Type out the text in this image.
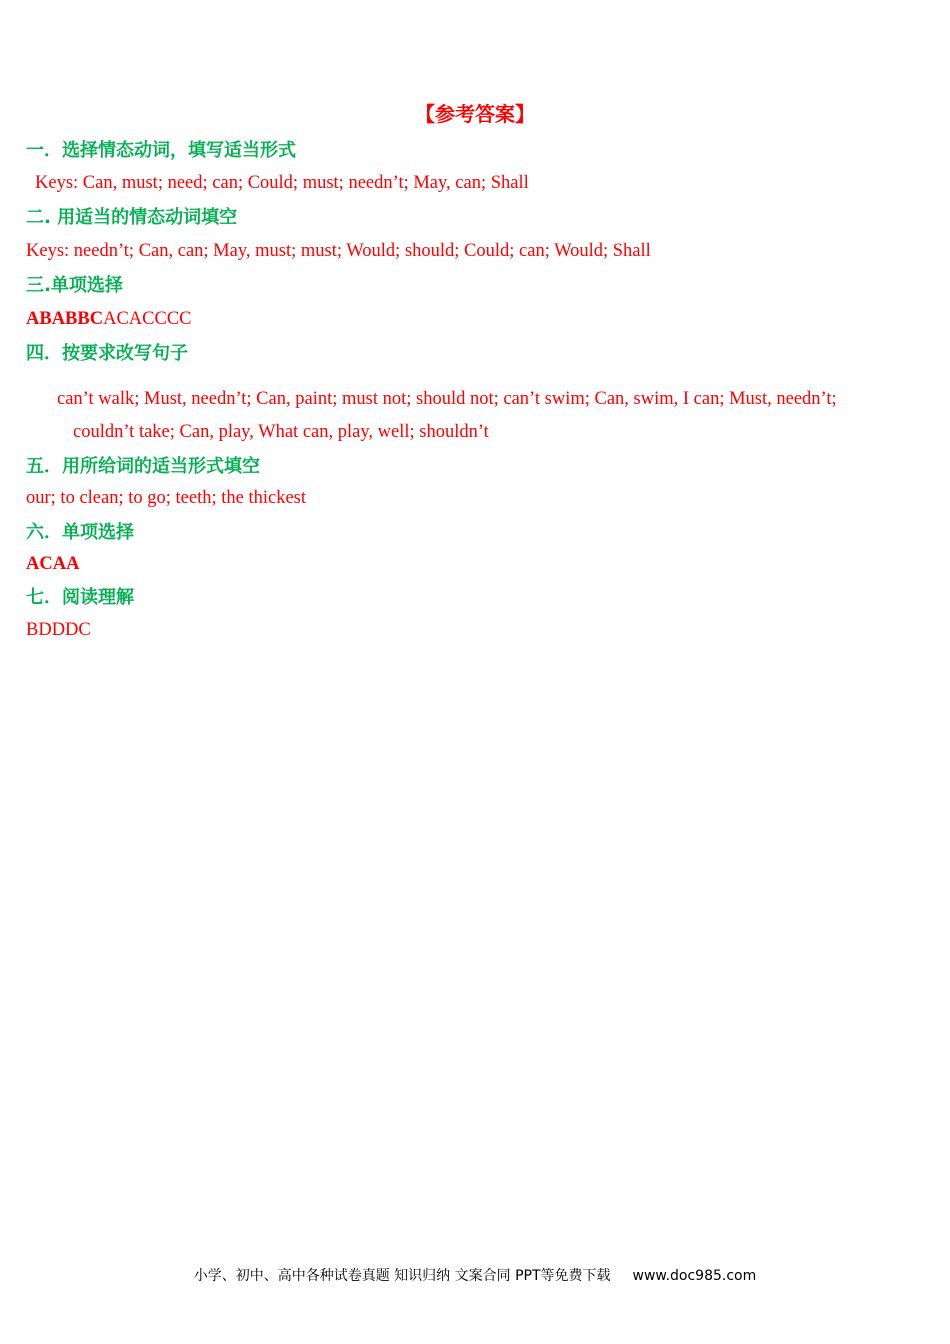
【参考答案】
一．选择情态动词，填写适当形式
Keys: Can, must; need; can; Could; must; needn’t; May, can; Shall
二. 用适当的情态动词填空
Keys: needn’t; Can, can; May, must; must; Would; should; Could; can; Would; Shall
三.单项选择
ABABBCACACCCC
四．按要求改写句子
can’t walk; Must, needn’t; Can, paint; must not; should not; can’t swim; Can, swim, I can; Must, needn’t;
couldn’t take; Can, play, What can, play, well; shouldn’t
五．用所给词的适当形式填空
our; to clean; to go; teeth; the thickest
六．单项选择
ACAA
七．阅读理解
BDDDC
小学、初中、高中各种试卷真题 知识归纳 文案合同 PPT等免费下载 www.doc985.com
